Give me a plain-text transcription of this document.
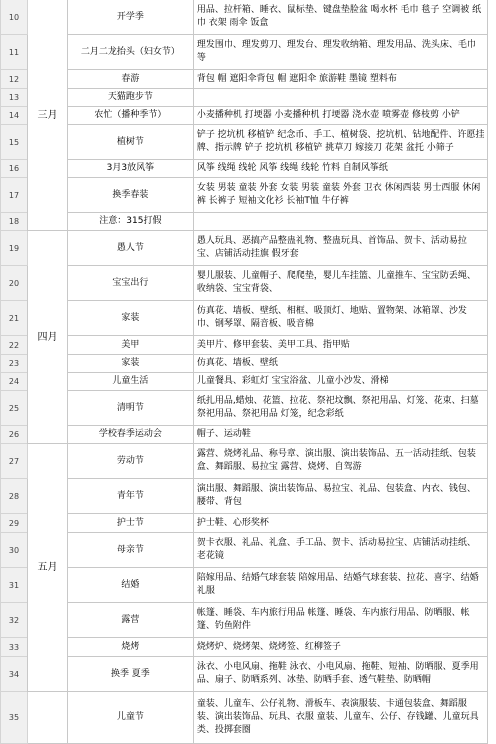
10	三月	开学季	用品、拉杆箱、睡衣、鼠标垫、键盘垫脸盆 喝水杯 毛巾 毯子 空调被 纸巾 衣架 雨伞 饭盒	
11		二月二龙抬头（妇女节）	理发围巾、理发剪刀、理发台、理发收纳箱、理发用品、洗头床、毛巾等	
12		春游	背包 帽 遮阳伞背包 帽 遮阳伞 旅游鞋 墨镜 塑料布	
13		天猫跑步节		
14		农忙（播种季节）	小麦播种机 打埂器 小麦播种机 打埂器 浇水壶 喷雾壶 修枝剪 小铲	
15		植树节	铲子 挖坑机 移植铲 纪念币、手工、植树袋、挖坑机、钻地配件、许愿挂牌、指示牌 铲子 挖坑机 移植铲 挑草刀 嫁接刀 花架 盆托 小筛子	
16		3月3放风筝	风筝 线绳 线轮 风筝 线绳 线轮 竹料 自制风筝纸	
17		换季春装	女装 男装 童装 外套 女装 男装 童装 外套 卫衣 休闲西装 男士西服 休闲裤 长裤子 短袖文化衫 长袖T恤 牛仔裤	
18		注意：315打假		
19	四月	愚人节	愚人玩具、恶搞产品整蛊礼物、整蛊玩具、首饰品、贺卡、活动易拉宝、店铺活动挂旗 假牙套	
20		宝宝出行	婴儿服装、儿童帽子、爬爬垫，婴儿车挂篮、儿童推车、宝宝防丢绳、收纳袋、宝宝背袋、	
21		家装	仿真花、墙板、壁纸、相框、吸顶灯、地贴、置物架、冰箱罩、沙发巾、钢琴罩、隔音板、吸音棉	
22		美甲	美甲片、修甲套装、美甲工具、指甲贴	
23		家装	仿真花、墙板、壁纸	
24		儿童生活	儿童餐具、彩虹灯 宝宝浴盆、儿童小沙发、滑梯	
25		清明节	纸扎用品,蜡烛、花篮、拉花、祭祀坟飘、祭祀用品、灯笼、花束、扫墓祭祀用品、祭祀用品 灯笼，纪念彩纸	
26		学校春季运动会	帽子、运动鞋	
27	五月	劳动节	露营、烧烤礼品、称号章、演出服、演出装饰品、五一活动挂纸、包装盒、舞蹈服、易拉宝 露营、烧烤、自驾游	
28		青年节	演出服、舞蹈服、演出装饰品、易拉宝、礼品、包装盒、内衣、钱包、腰带、背包	
29		护士节	护士鞋、心形奖杯	
30		母亲节	贺卡衣服、礼品、礼盒、手工品、贺卡、活动易拉宝、店铺活动挂纸、老花镜	
31		结婚	陪嫁用品、结婚气球套装 陪嫁用品、结婚气球套装、拉花、喜字、结婚礼服	
32		露营	帐篷、睡袋、车内旅行用品 帐篷、睡袋、车内旅行用品、防晒服、帐篷、钓鱼附件	
33		烧烤	烧烤炉、烧烤架、烧烤签、红柳签子	
34		换季 夏季	泳衣、小电风扇、拖鞋 泳衣、小电风扇、拖鞋、短袖、防晒服、夏季用品、扇子、防晒系列、冰垫、防晒手套、透气鞋垫、防晒帽	
35		儿童节	童装、儿童车、公仔礼物、滑板车、表演服装、卡通包装盒、舞蹈服装、演出装饰品、玩具、衣服 童装、儿童车、公仔、存钱罐、儿童玩具类、投掷套圈	
